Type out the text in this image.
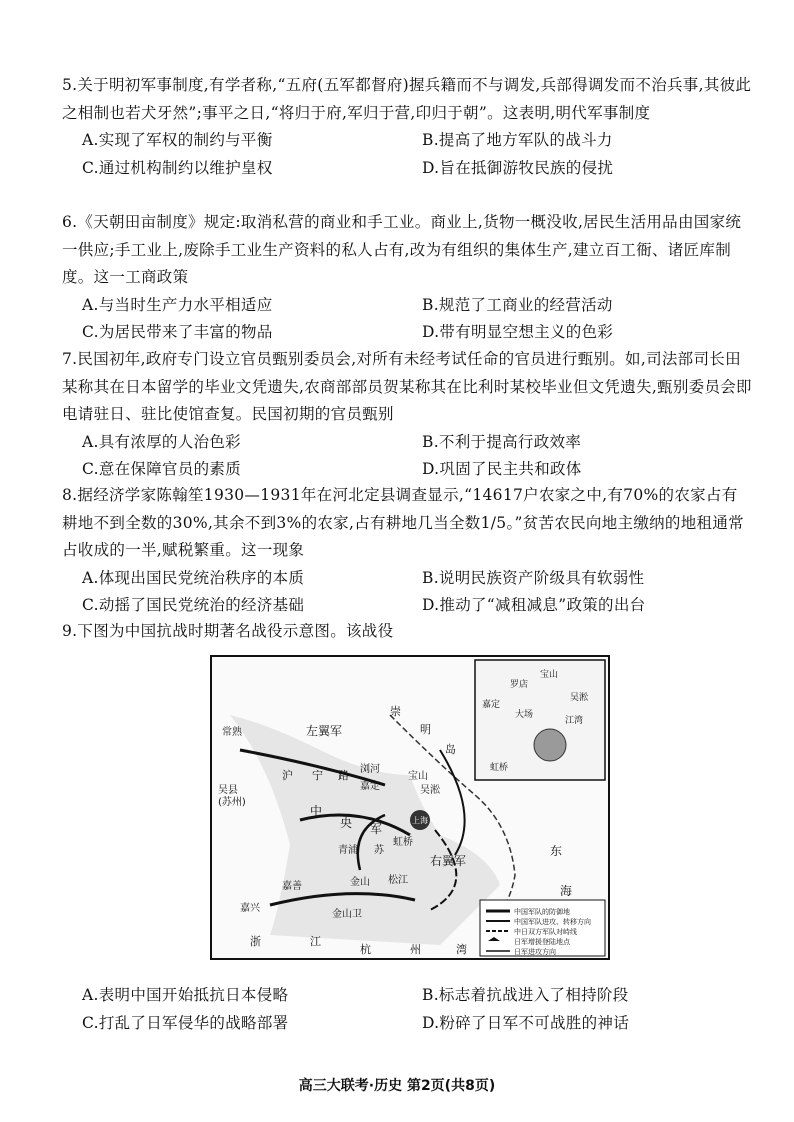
5.关于明初军事制度,有学者称,“五府(五军都督府)握兵籍而不与调发,兵部得调发而不治兵事,其彼此之相制也若犬牙然”;事平之日,“将归于府,军归于营,印归于朝”。这表明,明代军事制度

A.实现了军权的制约与平衡	B.提高了地方军队的战斗力
C.通过机构制约以维护皇权	D.旨在抵御游牧民族的侵扰

6.《天朝田亩制度》规定:取消私营的商业和手工业。商业上,货物一概没收,居民生活用品由国家统一供应;手工业上,废除手工业生产资料的私人占有,改为有组织的集体生产,建立百工衙、诸匠库制度。这一工商政策

A.与当时生产力水平相适应	B.规范了工商业的经营活动
C.为居民带来了丰富的物品	D.带有明显空想主义的色彩

7.民国初年,政府专门设立官员甄别委员会,对所有未经考试任命的官员进行甄别。如,司法部司长田某称其在日本留学的毕业文凭遗失,农商部部员贺某称其在比利时某校毕业但文凭遗失,甄别委员会即电请驻日、驻比使馆查复。民国初期的官员甄别

A.具有浓厚的人治色彩	B.不利于提高行政效率
C.意在保障官员的素质	D.巩固了民主共和政体

8.据经济学家陈翰笙1930—1931年在河北定县调查显示,“14617户农家之中,有70%的农家占有耕地不到全数的30%,其余不到3%的农家,占有耕地几当全数1/5。”贫苦农民向地主缴纳的地租通常占收成的一半,赋税繁重。这一现象

A.体现出国民党统治秩序的本质	B.说明民族资产阶级具有软弱性
C.动摇了国民党统治的经济基础	D.推动了“减租减息”政策的出台

9.下图为中国抗战时期著名战役示意图。该战役

常熟	左翼军
崇
明
岛
浏河
嘉定
宝山
吴淞
吴县
(苏州)
沪 宁 路
中
央 军
虹桥
青浦 苏
松江
右翼军
东
海
嘉善	金山
嘉兴
金山卫
浙	江
杭	州	湾
上海
宝山
罗店
嘉定
大场
江湾
虹桥
吴淞
中国军队的防御地
中国军队进攻、转移方向
中日双方军队对峙线
日军增援登陆地点
日军进攻方向
A.表明中国开始抵抗日本侵略	B.标志着抗战进入了相持阶段
C.打乱了日军侵华的战略部署	D.粉碎了日军不可战胜的神话
高三大联考·历史 第2页(共8页)
